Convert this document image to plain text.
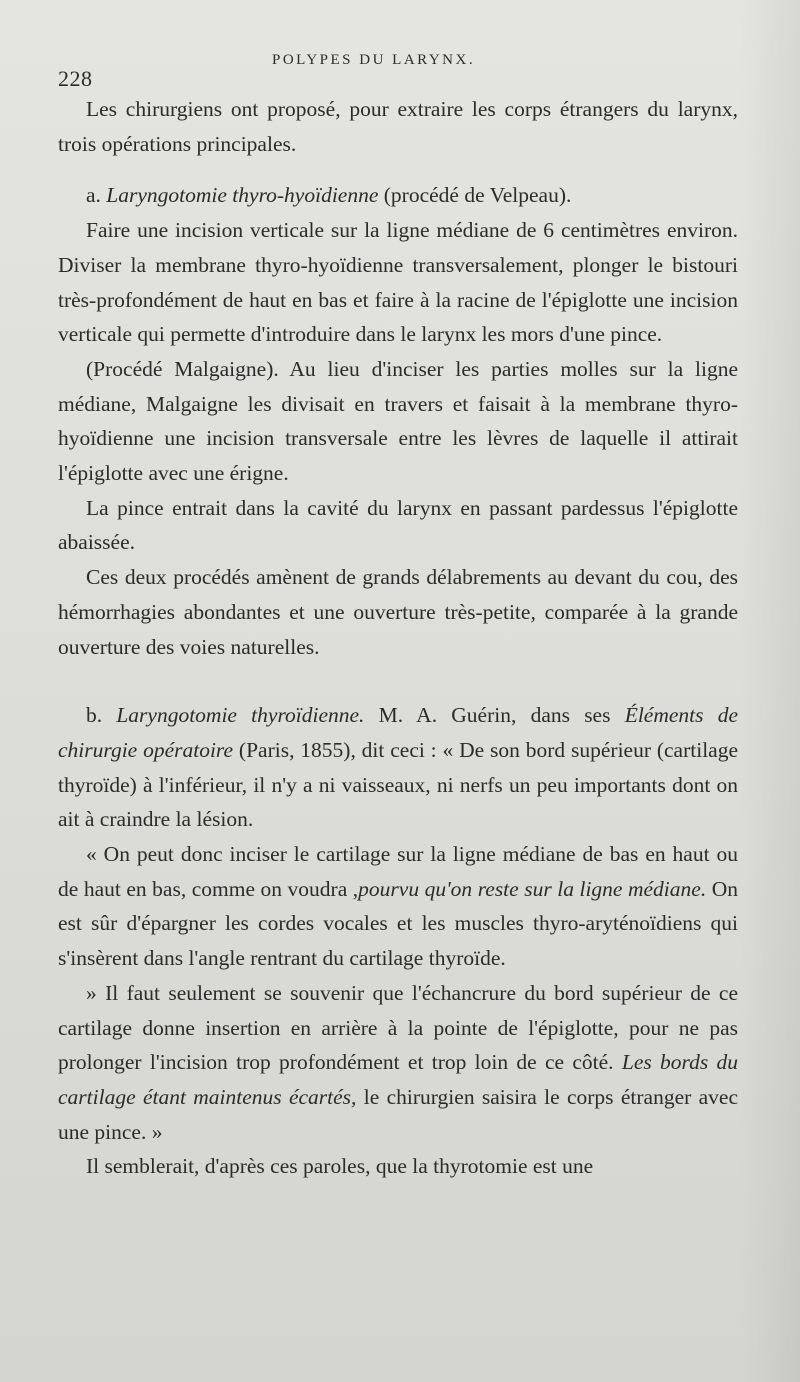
228
POLYPES DU LARYNX.

Les chirurgiens ont proposé, pour extraire les corps étrangers du larynx, trois opérations principales.

a. Laryngotomie thyro-hyoïdienne (procédé de Velpeau).

Faire une incision verticale sur la ligne médiane de 6 centimètres environ. Diviser la membrane thyro-hyoïdienne transversalement, plonger le bistouri très-profondément de haut en bas et faire à la racine de l'épiglotte une incision verticale qui permette d'introduire dans le larynx les mors d'une pince.

(Procédé Malgaigne). Au lieu d'inciser les parties molles sur la ligne médiane, Malgaigne les divisait en travers et faisait à la membrane thyro-hyoïdienne une incision transversale entre les lèvres de laquelle il attirait l'épiglotte avec une érigne.

La pince entrait dans la cavité du larynx en passant pardessus l'épiglotte abaissée.

Ces deux procédés amènent de grands délabrements au devant du cou, des hémorrhagies abondantes et une ouverture très-petite, comparée à la grande ouverture des voies naturelles.

b. Laryngotomie thyroïdienne. M. A. Guérin, dans ses Éléments de chirurgie opératoire (Paris, 1855), dit ceci : « De son bord supérieur (cartilage thyroïde) à l'inférieur, il n'y a ni vaisseaux, ni nerfs un peu importants dont on ait à craindre la lésion.

« On peut donc inciser le cartilage sur la ligne médiane de bas en haut ou de haut en bas, comme on voudra ,pourvu qu'on reste sur la ligne médiane. On est sûr d'épargner les cordes vocales et les muscles thyro-aryténoïdiens qui s'insèrent dans l'angle rentrant du cartilage thyroïde.

» Il faut seulement se souvenir que l'échancrure du bord supérieur de ce cartilage donne insertion en arrière à la pointe de l'épiglotte, pour ne pas prolonger l'incision trop profondément et trop loin de ce côté. Les bords du cartilage étant maintenus écartés, le chirurgien saisira le corps étranger avec une pince. »

Il semblerait, d'après ces paroles, que la thyrotomie est une
